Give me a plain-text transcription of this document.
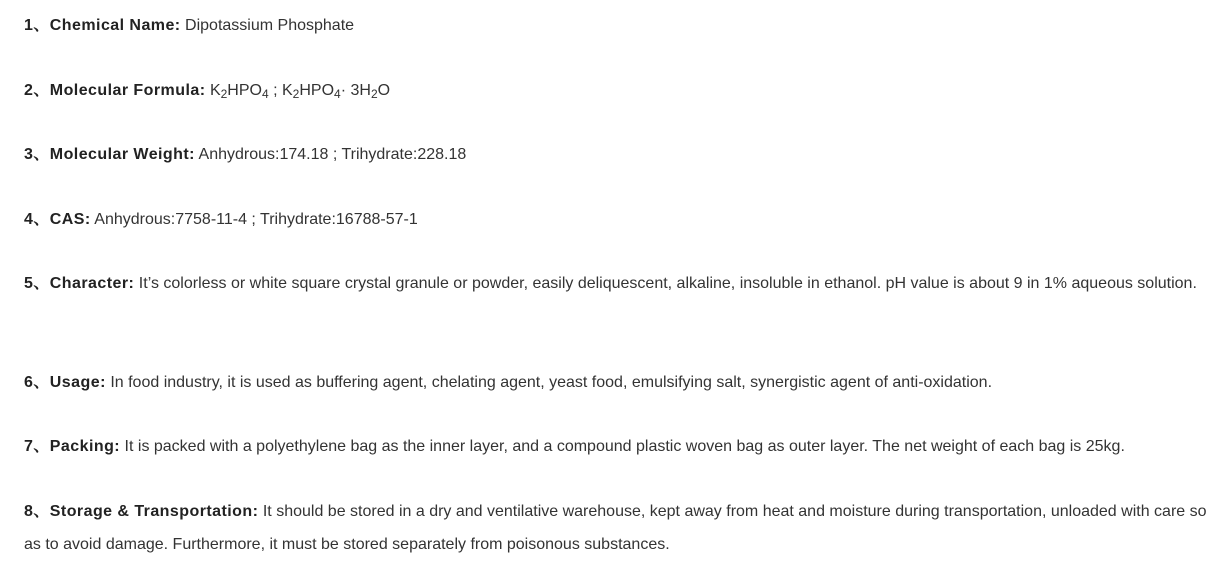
1、Chemical Name: Dipotassium Phosphate

2、Molecular Formula: $K_2HPO_4$ ; $K_2HPO_4\cdot 3H_2O$

3、Molecular Weight: Anhydrous:174.18 ; Trihydrate:228.18

4、CAS: Anhydrous:7758-11-4 ; Trihydrate:16788-57-1

5、Character: It’s colorless or white square crystal granule or powder, easily deliquescent, alkaline, insoluble in ethanol. pH value is about 9 in 1% aqueous solution.

6、Usage: In food industry, it is used as buffering agent, chelating agent, yeast food, emulsifying salt, synergistic agent of anti-oxidation.

7、Packing: It is packed with a polyethylene bag as the inner layer, and a compound plastic woven bag as outer layer. The net weight of each bag is 25kg.

8、Storage & Transportation: It should be stored in a dry and ventilative warehouse, kept away from heat and moisture during transportation, unloaded with care so as to avoid damage. Furthermore, it must be stored separately from poisonous substances.
